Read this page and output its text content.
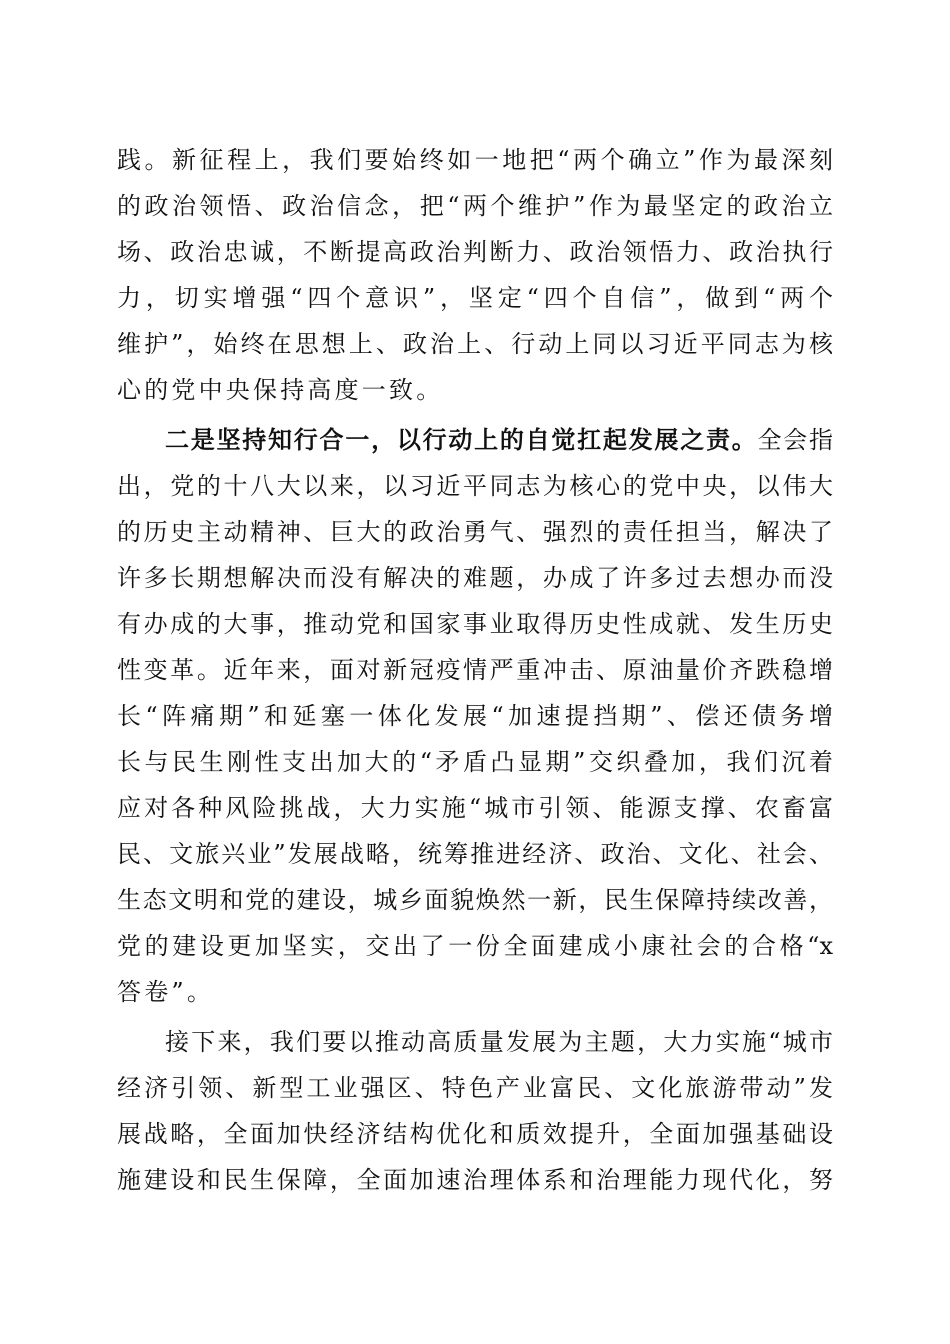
践。新征程上，我们要始终如一地把“两个确立”作为最深刻
的政治领悟、政治信念，把“两个维护”作为最坚定的政治立
场、政治忠诚，不断提高政治判断力、政治领悟力、政治执行
力，切实增强“四个意识”，坚定“四个自信”，做到“两个
维护”，始终在思想上、政治上、行动上同以习近平同志为核
心的党中央保持高度一致。
二是坚持知行合一，以行动上的自觉扛起发展之责。全会指
出，党的十八大以来，以习近平同志为核心的党中央，以伟大
的历史主动精神、巨大的政治勇气、强烈的责任担当，解决了
许多长期想解决而没有解决的难题，办成了许多过去想办而没
有办成的大事，推动党和国家事业取得历史性成就、发生历史
性变革。近年来，面对新冠疫情严重冲击、原油量价齐跌稳增
长“阵痛期”和延塞一体化发展“加速提挡期”、偿还债务增
长与民生刚性支出加大的“矛盾凸显期”交织叠加，我们沉着
应对各种风险挑战，大力实施“城市引领、能源支撑、农畜富
民、文旅兴业”发展战略，统筹推进经济、政治、文化、社会、
生态文明和党的建设，城乡面貌焕然一新，民生保障持续改善，
党的建设更加坚实，交出了一份全面建成小康社会的合格“x
答卷”。
接下来，我们要以推动高质量发展为主题，大力实施“城市
经济引领、新型工业强区、特色产业富民、文化旅游带动”发
展战略，全面加快经济结构优化和质效提升，全面加强基础设
施建设和民生保障，全面加速治理体系和治理能力现代化，努
